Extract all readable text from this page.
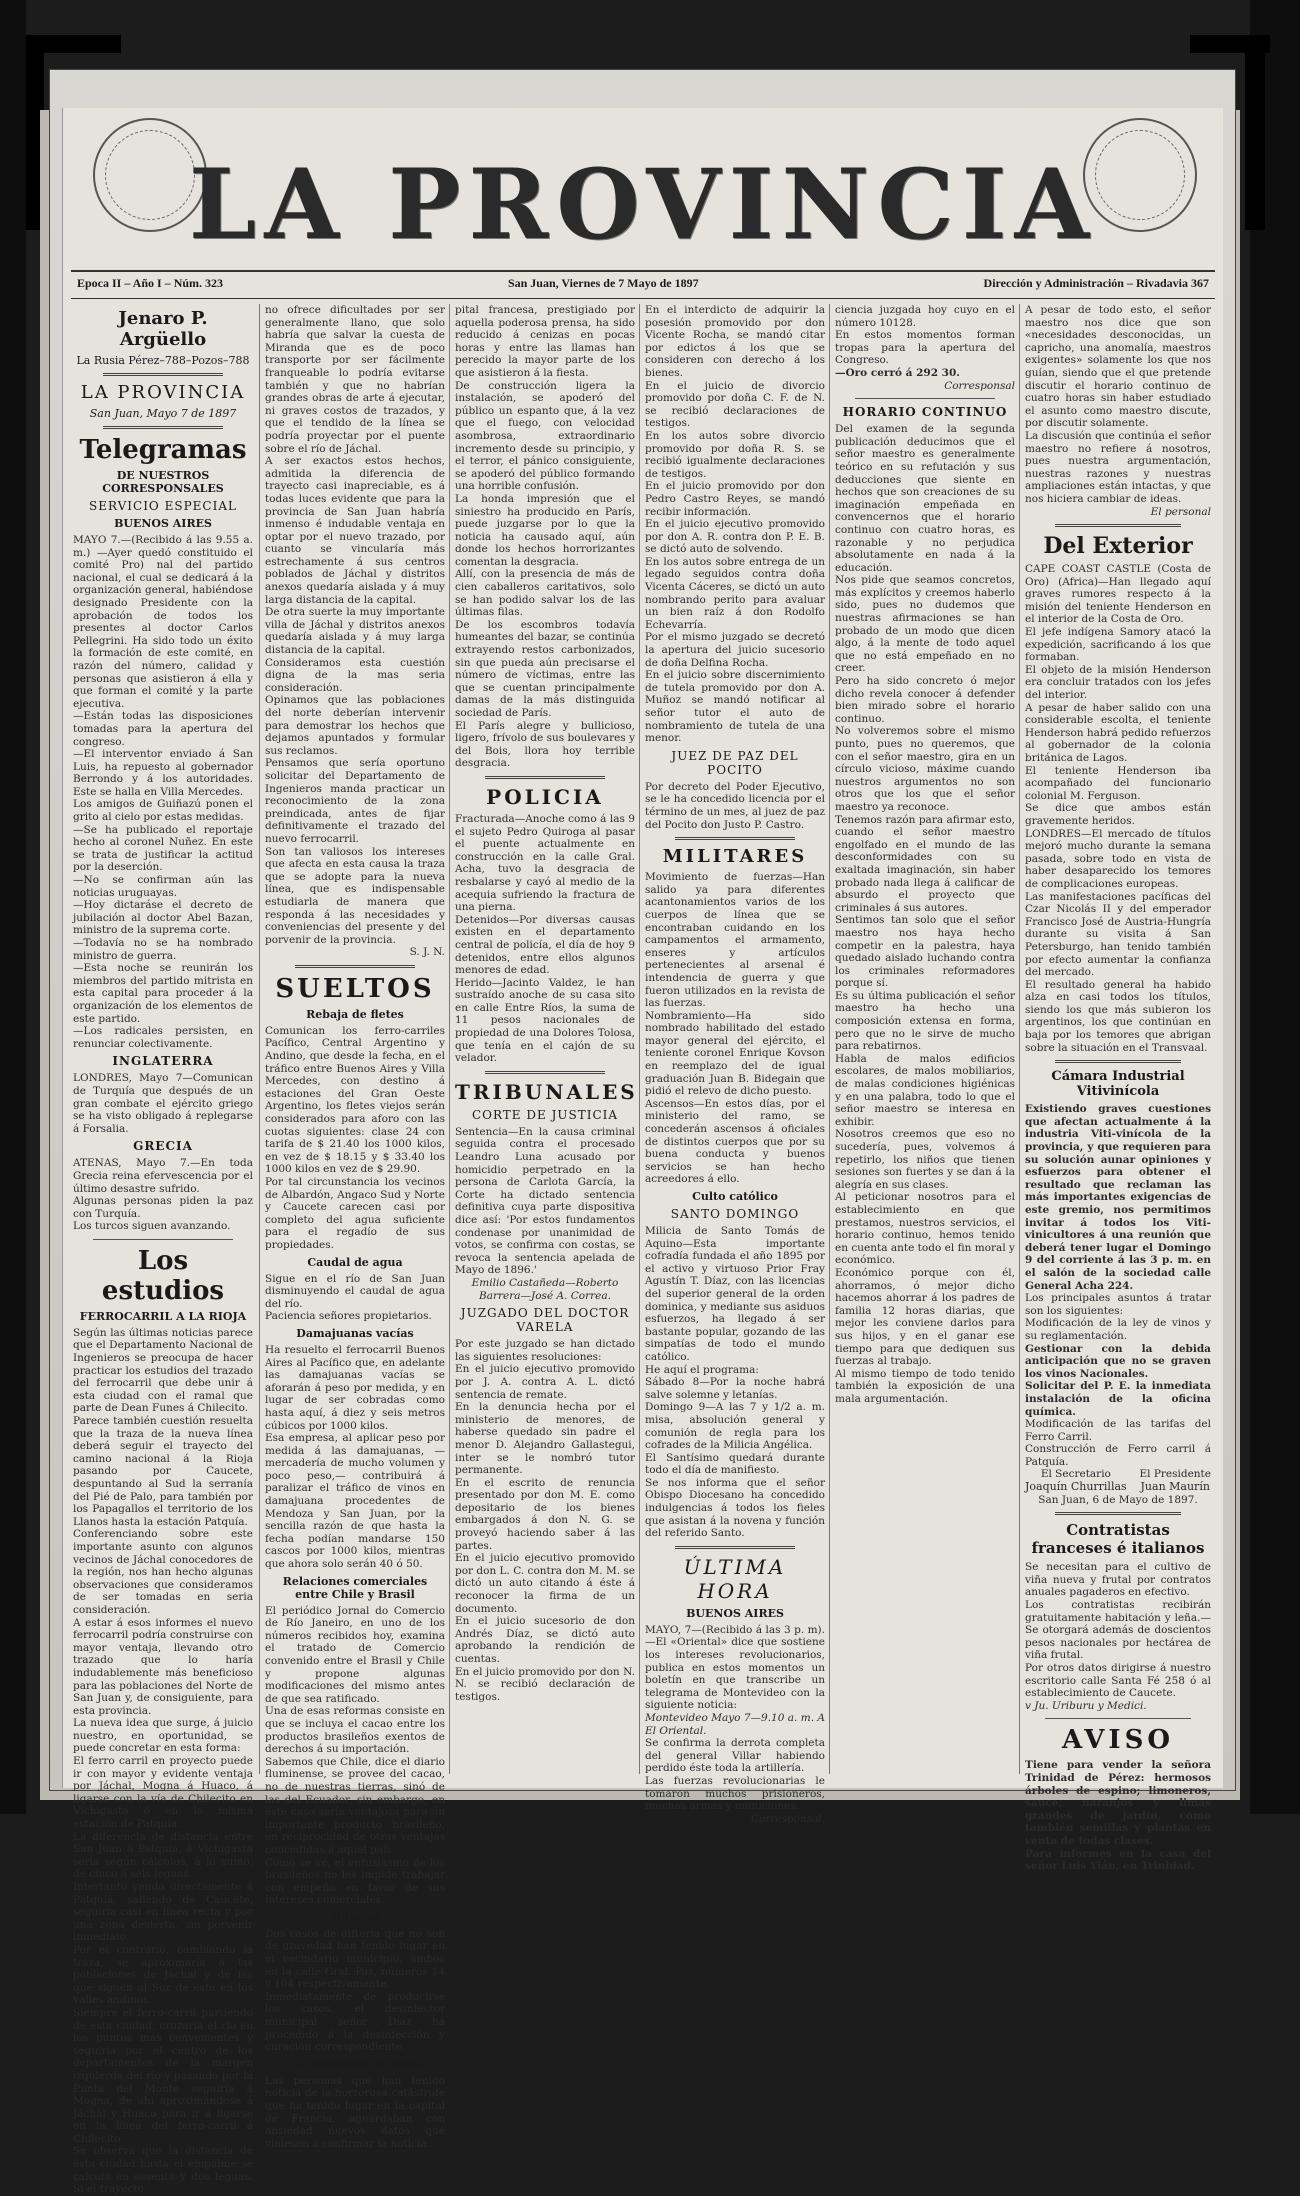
LA PROVINCIA
Epoca II – Año I – Núm. 323	San Juan, Viernes de 7 Mayo de 1897	Dirección y Administración – Rivadavia 367
Jenaro P. Argüello
La Rusia Pérez–788–Pozos–788
LA PROVINCIA
San Juan, Mayo 7 de 1897
Telegramas
DE NUESTROS CORRESPONSALES
SERVICIO ESPECIAL
BUENOS AIRES

MAYO 7.—(Recibido á las 9.55 a. m.) —Ayer quedó constituido el comité Pro) nal del partido nacional, el cual se dedicará á la organización general, habiéndose designado Presidente con la aprobación de todos los presentes al doctor Carlos Pellegrini. Ha sido todo un éxito la formación de este comité, en razón del número, calidad y personas que asistieron á ella y que forman el comité y la parte ejecutiva.

—Están todas las disposiciones tomadas para la apertura del congreso.

—El interventor enviado á San Luis, ha repuesto al gobernador Berrondo y á los autoridades. Este se halla en Villa Mercedes.

Los amigos de Guiñazú ponen el grito al cielo por estas medidas.

—Se ha publicado el reportaje hecho al coronel Nuñez. En este se trata de justificar la actitud por la deserción.

—No se confirman aún las noticias uruguayas.

—Hoy dictaráse el decreto de jubilación al doctor Abel Bazan, ministro de la suprema corte.

—Todavía no se ha nombrado ministro de guerra.

—Esta noche se reunirán los miembros del partido mitrista en esta capital para proceder á la organización de los elementos de este partido.

—Los radicales persisten, en renunciar colectivamente.

INGLATERRA

LONDRES, Mayo 7—Comunican de Turquía que después de un gran combate el ejército griego se ha visto obligado á replegarse á Forsalia.

GRECIA

ATENAS, Mayo 7.—En toda Grecia reina efervescencia por el último desastre sufrido.

Algunas personas piden la paz con Turquía.

Los turcos siguen avanzando.

Los estudios
FERROCARRIL A LA RIOJA

Según las últimas noticias parece que el Departamento Nacional de Ingenieros se preocupa de hacer practicar los estudios del trazado del ferrocarril que debe unir á esta ciudad con el ramal que parte de Dean Funes á Chilecito.

Parece también cuestión resuelta que la traza de la nueva línea deberá seguir el trayecto del camino nacional á la Rioja pasando por Caucete, despuntando al Sud la serranía del Pié de Palo, para también por los Papagallos el territorio de los Llanos hasta la estación Patquía.

Conferenciando sobre este importante asunto con algunos vecinos de Jáchal conocedores de la región, nos han hecho algunas observaciones que consideramos de ser tomadas en seria consideración.

A estar á esos informes el nuevo ferrocarril podría construirse con mayor ventaja, llevando otro trazado que lo haría indudablemente más beneficioso para las poblaciones del Norte de San Juan y, de consiguiente, para esta provincia.

La nueva idea que surge, á juicio nuestro, en oportunidad, se puede concretar en esta forma:

El ferro carril en proyecto puede ir con mayor y evidente ventaja por Jáchal, Mogna á Huaco, á ligarse con la vía de Chilecito en Vichigasta ó en la misma estación de Patquía.

La diferencia de distancia entre San Juan á Patquía, á Vichigasta sería según cálculos, á lo sumo, de cinco á seis leguas.

Intertanto yendo directamente á Patquía, saliendo de Caucete, seguiría casi en línea recta y por una zona desierta, sin porvenir inmediato.

Por el contrario, cambiando la traza, se aproximaría á las poblaciones de Jáchal y de las que siguen al Sur de este en los valles andinos.

Siempre el ferro-carril partiendo de esta ciudad, cruzaría el río en los puntos mas convenientes y seguiría por el centro de los departamentos de la margen izquierda del río y pasando por la Punta del Monte seguiría á Mogna, de ahí aproximándose á Jáchal y Huaco para ir á ligarse en la línea del ferro-carril á Chilecito.

Se observa que la distancia de esta ciudad hasta el empalme se calcula en sesenta y dos leguas. Si el trayecto

no ofrece dificultades por ser generalmente llano, que solo habría que salvar la cuesta de Miranda que es de poco transporte por ser fácilmente franqueable lo podría evitarse también y que no habrían grandes obras de arte á ejecutar, ni graves costos de trazados, y que el tendido de la línea se podría proyectar por el puente sobre el río de Jáchal.

A ser exactos estos hechos, admitida la diferencia de trayecto casi inapreciable, es á todas luces evidente que para la provincia de San Juan habría inmenso é indudable ventaja en optar por el nuevo trazado, por cuanto se vincularía más estrechamente á sus centros poblados de Jáchal y distritos anexos quedaría aislada y á muy larga distancia de la capital.

De otra suerte la muy importante villa de Jáchal y distritos anexos quedaría aislada y á muy larga distancia de la capital.

Consideramos esta cuestión digna de la mas seria consideración.

Opinamos que las poblaciones del norte deberían intervenir para demostrar los hechos que dejamos apuntados y formular sus reclamos.

Pensamos que sería oportuno solicitar del Departamento de Ingenieros manda practicar un reconocimiento de la zona preindicada, antes de fijar definitivamente el trazado del nuevo ferrocarril.

Son tan valiosos los intereses que afecta en esta causa la traza que se adopte para la nueva línea, que es indispensable estudiarla de manera que responda á las necesidades y conveniencias del presente y del porvenir de la provincia.

S. J. N.
SUELTOS
Rebaja de fletes

Comunican los ferro-carriles Pacífico, Central Argentino y Andino, que desde la fecha, en el tráfico entre Buenos Aires y Villa Mercedes, con destino á estaciones del Gran Oeste Argentino, los fletes viejos serán considerados para aforo con las cuotas siguientes: clase 24 con tarifa de $ 21.40 los 1000 kilos, en vez de $ 18.15 y $ 33.40 los 1000 kilos en vez de $ 29.90.

Por tal circunstancia los vecinos de Albardón, Angaco Sud y Norte y Caucete carecen casi por completo del agua suficiente para el regadío de sus propiedades.

Caudal de agua

Sigue en el río de San Juan disminuyendo el caudal de agua del río.

Paciencia señores propietarios.

Damajuanas vacías

Ha resuelto el ferrocarril Buenos Aires al Pacífico que, en adelante las damajuanas vacías se aforarán á peso por medida, y en lugar de ser cobradas como hasta aquí, á diez y seis metros cúbicos por 1000 kilos.

Esa empresa, al aplicar peso por medida á las damajuanas, —mercadería de mucho volumen y poco peso,— contribuirá á paralizar el tráfico de vinos en damajuana procedentes de Mendoza y San Juan, por la sencilla razón de que hasta la fecha podían mandarse 150 cascos por 1000 kilos, mientras que ahora solo serán 40 ó 50.

Relaciones comerciales entre Chile y Brasil

El periódico Jornal do Comercio de Río Janeiro, en uno de los números recibidos hoy, examina el tratado de Comercio convenido entre el Brasil y Chile y propone algunas modificaciones del mismo antes de que sea ratificado.

Una de esas reformas consiste en que se incluya el cacao entre los productos brasileños exentos de derechos á su importación.

Sabemos que Chile, dice el diario fluminense, se provee del cacao, no de nuestras tierras, sinó de las del Ecuador, sin embargo, en este caso sería ventajosa para un importante producto brasileño, en reciprocidad de otras ventajas concedidas á aquel país.

Como se vé, el entusiasmo de los brasileños no les impide trabajar con empeño en favor de sus intereses comerciales.

Difteria

Dos casos de difteria que no son de gravedad han tenido lugar en el vecindario municipio, ambos en la calle Gral. Paz, números 14 y 104 respectivamente.

Inmediatamente de producirse los casos, el desinfector municipal señor Díaz ha procedido á la desinfección y curación correspondiente.

La catástrofe de Paris

Las personas que han tenido noticia de la horrorosa catástrofe que ha tenido lugar en la capital de Francia, aguardaban con ansiedad nuevos datos que viniesen á confirmar la noticia.

pital francesa, prestigiado por aquella poderosa prensa, ha sido reducido á cenizas en pocas horas y entre las llamas han perecido la mayor parte de los que asistieron á la fiesta.

De construcción ligera la instalación, se apoderó del público un espanto que, á la vez que el fuego, con velocidad asombrosa, extraordinario incremento desde su principio, y el terror, el pánico consiguiente, se apoderó del público formando una horrible confusión.

La honda impresión que el siniestro ha producido en París, puede juzgarse por lo que la noticia ha causado aquí, aún donde los hechos horrorizantes comentan la desgracia.

Allí, con la presencia de más de cien caballeros caritativos, solo se han podido salvar los de las últimas filas.

De los escombros todavía humeantes del bazar, se continúa extrayendo restos carbonizados, sin que pueda aún precisarse el número de víctimas, entre las que se cuentan principalmente damas de la más distinguida sociedad de París.

El París alegre y bullicioso, ligero, frívolo de sus boulevares y del Bois, llora hoy terrible desgracia.

POLICIA

Fracturada—Anoche como á las 9 el sujeto Pedro Quiroga al pasar el puente actualmente en construcción en la calle Gral. Acha, tuvo la desgracia de resbalarse y cayó al medio de la acequia sufriendo la fractura de una pierna.

Detenidos—Por diversas causas existen en el departamento central de policía, el día de hoy 9 detenidos, entre ellos algunos menores de edad.

Herido—Jacinto Valdez, le han sustraído anoche de su casa sito en calle Entre Ríos, la suma de 11 pesos nacionales de propiedad de una Dolores Tolosa, que tenía en el cajón de su velador.

TRIBUNALES
CORTE DE JUSTICIA

Sentencia—En la causa criminal seguida contra el procesado Leandro Luna acusado por homicidio perpetrado en la persona de Carlota García, la Corte ha dictado sentencia definitiva cuya parte dispositiva dice así: 'Por estos fundamentos condenase por unanimidad de votos, se confirma con costas, se revoca la sentencia apelada de Mayo de 1896.'

Emilio Castañeda—Roberto Barrera—José A. Correa.
JUZGADO DEL DOCTOR VARELA

Por este juzgado se han dictado las siguientes resoluciones:

En el juicio ejecutivo promovido por J. A. contra A. L. dictó sentencia de remate.

En la denuncia hecha por el ministerio de menores, de haberse quedado sin padre el menor D. Alejandro Gallastegui, inter se le nombró tutor permanente.

En el escrito de renuncia presentado por don M. E. como depositario de los bienes embargados á don N. G. se proveyó haciendo saber á las partes.

En el juicio ejecutivo promovido por don L. C. contra don M. M. se dictó un auto citando á éste á reconocer la firma de un documento.

En el juicio sucesorio de don Andrés Díaz, se dictó auto aprobando la rendición de cuentas.

En el juicio promovido por don N. N. se recibió declaración de testigos.

En el interdicto de adquirir la posesión promovido por don Vicente Rocha, se mandó citar por edictos á los que se consideren con derecho á los bienes.

En el juicio de divorcio promovido por doña C. F. de N. se recibió declaraciones de testigos.

En los autos sobre divorcio promovido por doña R. S. se recibió igualmente declaraciones de testigos.

En el juicio promovido por don Pedro Castro Reyes, se mandó recibir información.

En el juicio ejecutivo promovido por don A. R. contra don P. E. B. se dictó auto de solvendo.

En los autos sobre entrega de un legado seguidos contra doña Vicenta Cáceres, se dictó un auto nombrando perito para avaluar un bien raíz á don Rodolfo Echevarría.

Por el mismo juzgado se decretó la apertura del juicio sucesorio de doña Delfina Rocha.

En el juicio sobre discernimiento de tutela promovido por don A. Muñoz se mandó notificar al señor tutor el auto de nombramiento de tutela de una menor.

JUEZ DE PAZ DEL POCITO

Por decreto del Poder Ejecutivo, se le ha concedido licencia por el término de un mes, al juez de paz del Pocito don Justo P. Castro.

MILITARES

Movimiento de fuerzas—Han salido ya para diferentes acantonamientos varios de los cuerpos de línea que se encontraban cuidando en los campamentos el armamento, enseres y artículos pertenecientes al arsenal é intendencia de guerra y que fueron utilizados en la revista de las fuerzas.

Nombramiento—Ha sido nombrado habilitado del estado mayor general del ejército, el teniente coronel Enrique Kovson en reemplazo del de igual graduación Juan B. Bidegain que pidió el relevo de dicho puesto.

Ascensos—En estos días, por el ministerio del ramo, se concederán ascensos á oficiales de distintos cuerpos que por su buena conducta y buenos servicios se han hecho acreedores á ello.

Culto católico
SANTO DOMINGO

Milicia de Santo Tomás de Aquino—Esta importante cofradía fundada el año 1895 por el activo y virtuoso Prior Fray Agustín T. Díaz, con las licencias del superior general de la orden dominica, y mediante sus asiduos esfuerzos, ha llegado á ser bastante popular, gozando de las simpatías de todo el mundo católico.

He aquí el programa:

Sábado 8—Por la noche habrá salve solemne y letanías.

Domingo 9—A las 7 y 1/2 a. m. misa, absolución general y comunión de regla para los cofrades de la Milicia Angélica.

El Santísimo quedará durante todo el día de manifiesto.

Se nos informa que el señor Obispo Diocesano ha concedido indulgencias á todos los fieles que asistan á la novena y función del referido Santo.

ÚLTIMA HORA
BUENOS AIRES

MAYO, 7—(Recibido á las 3 p. m).—El «Oriental» dice que sostiene los intereses revolucionarios, publica en estos momentos un boletín en que transcribe un telegrama de Montevideo con la siguiente noticia:

Montevideo Mayo 7—9.10 a. m. A El Oriental.

Se confirma la derrota completa del general Villar habiendo perdido éste toda la artillería.

Las fuerzas revolucionarias le tomaron muchos prisioneros, muchas armas y municiones.

Corresponsal.

ciencia juzgada hoy cuyo en el número 10128.

En estos momentos forman tropas para la apertura del Congreso.

—Oro cerró á 292 30.

Corresponsal
HORARIO CONTINUO

Del examen de la segunda publicación deducimos que el señor maestro es generalmente teórico en su refutación y sus deducciones que siente en hechos que son creaciones de su imaginación empeñada en convencernos que el horario continuo con cuatro horas, es razonable y no perjudica absolutamente en nada á la educación.

Nos pide que seamos concretos, más explícitos y creemos haberlo sido, pues no dudemos que nuestras afirmaciones se han probado de un modo que dicen algo, á la mente de todo aquel que no está empeñado en no creer.

Pero ha sido concreto ó mejor dicho revela conocer á defender bien mirado sobre el horario continuo.

No volveremos sobre el mismo punto, pues no queremos, que con el señor maestro, gira en un círculo vicioso, máxime cuando nuestros argumentos no son otros que los que el señor maestro ya reconoce.

Tenemos razón para afirmar esto, cuando el señor maestro engolfado en el mundo de las desconformidades con su exaltada imaginación, sin haber probado nada llega á calificar de absurdo el proyecto que criminales á sus autores.

Sentimos tan solo que el señor maestro nos haya hecho competir en la palestra, haya quedado aislado luchando contra los criminales reformadores porque sí.

Es su última publicación el señor maestro ha hecho una composición extensa en forma, pero que no le sirve de mucho para rebatirnos.

Habla de malos edificios escolares, de malos mobiliarios, de malas condiciones higiénicas y en una palabra, todo lo que el señor maestro se interesa en exhibir.

Nosotros creemos que eso no sucedería, pues, volvemos á repetirlo, los niños que tienen sesiones son fuertes y se dan á la alegría en sus clases.

Al peticionar nosotros para el establecimiento en que prestamos, nuestros servicios, el horario continuo, hemos tenido en cuenta ante todo el fin moral y económico.

Económico porque con él, ahorramos, ó mejor dicho hacemos ahorrar á los padres de familia 12 horas diarias, que mejor les conviene darlos para sus hijos, y en el ganar ese tiempo para que dediquen sus fuerzas al trabajo.

Al mismo tiempo de todo tenido también la exposición de una mala argumentación.

A pesar de todo esto, el señor maestro nos dice que son «necesidades desconocidas, un capricho, una anomalía, maestros exigentes» solamente los que nos guían, siendo que el que pretende discutir el horario continuo de cuatro horas sin haber estudiado el asunto como maestro discute, por discutir solamente.

La discusión que continúa el señor maestro no refiere á nosotros, pues nuestra argumentación, nuestras razones y nuestras ampliaciones están intactas, y que nos hiciera cambiar de ideas.

El personal
Del Exterior

CAPE COAST CASTLE (Costa de Oro) (Africa)—Han llegado aquí graves rumores respecto á la misión del teniente Henderson en el interior de la Costa de Oro.

El jefe indígena Samory atacó la expedición, sacrificando á los que formaban.

El objeto de la misión Henderson era concluir tratados con los jefes del interior.

A pesar de haber salido con una considerable escolta, el teniente Henderson habrá pedido refuerzos al gobernador de la colonia británica de Lagos.

El teniente Henderson iba acompañado del funcionario colonial M. Ferguson.

Se dice que ambos están gravemente heridos.

LONDRES—El mercado de títulos mejoró mucho durante la semana pasada, sobre todo en vista de haber desaparecido los temores de complicaciones europeas.

Las manifestaciones pacíficas del Czar Nicolás II y del emperador Francisco José de Austria-Hungría durante su visita á San Petersburgo, han tenido también por efecto aumentar la confianza del mercado.

El resultado general ha habido alza en casi todos los títulos, siendo los que más subieron los argentinos, los que continúan en baja por los temores que abrigan sobre la situación en el Transvaal.

Cámara Industrial Vitivinícola

Existiendo graves cuestiones que afectan actualmente á la industria Viti-vinícola de la provincia, y que requieren para su solución aunar opiniones y esfuerzos para obtener el resultado que reclaman las más importantes exigencias de este gremio, nos permitimos invitar á todos los Viti-vinicultores á una reunión que deberá tener lugar el Domingo 9 del corriente á las 3 p. m. en el salón de la sociedad calle General Acha 224.

Los principales asuntos á tratar son los siguientes:

Modificación de la ley de vinos y su reglamentación.

Gestionar con la debida anticipación que no se graven los vinos Nacionales.

Solicitar del P. E. la inmediata instalación de la oficina química.

Modificación de las tarifas del Ferro Carril.

Construcción de Ferro carril á Patquía.

El Secretario
Joaquín Churrillas
El Presidente
Juan Maurín
San Juan, 6 de Mayo de 1897.
Contratistas franceses é italianos

Se necesitan para el cultivo de viña nueva y frutal por contratos anuales pagaderos en efectivo.

Los contratistas recibirán gratuitamente habitación y leña.—Se otorgará además de doscientos pesos nacionales por hectárea de viña frutal.

Por otros datos dirigirse á nuestro escritorio calle Santa Fé 258 ó al establecimiento de Caucete.

v Ju. Uriburu y Medici.
AVISO

Tiene para vender la señora Trinidad de Pérez: hermosos árboles de espino; limoneros, sauce, naranjos y limas grandes de jardín, como también semillas y plantas en venta de todas clases.

Para informes en la casa del señor Luis Yián, en Trinidad.
